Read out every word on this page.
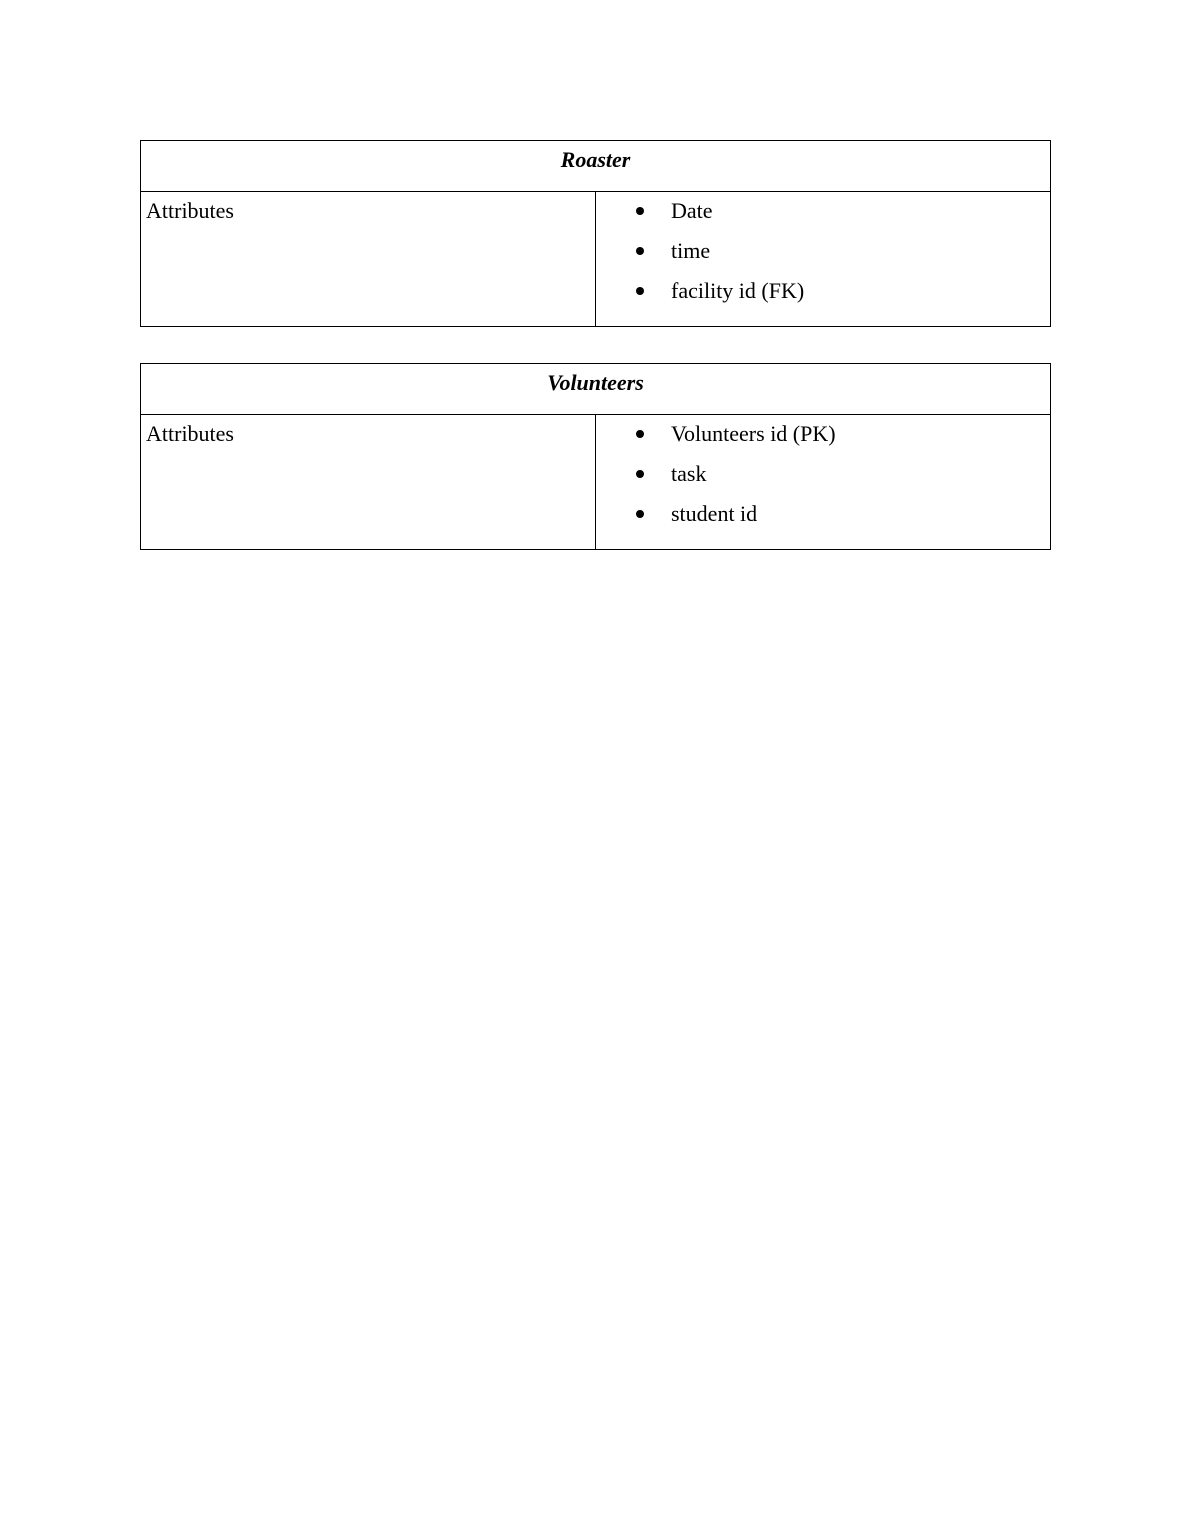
Roaster
Attributes	Date
time
facility id (FK)
Volunteers
Attributes	Volunteers id (PK)
task
student id
